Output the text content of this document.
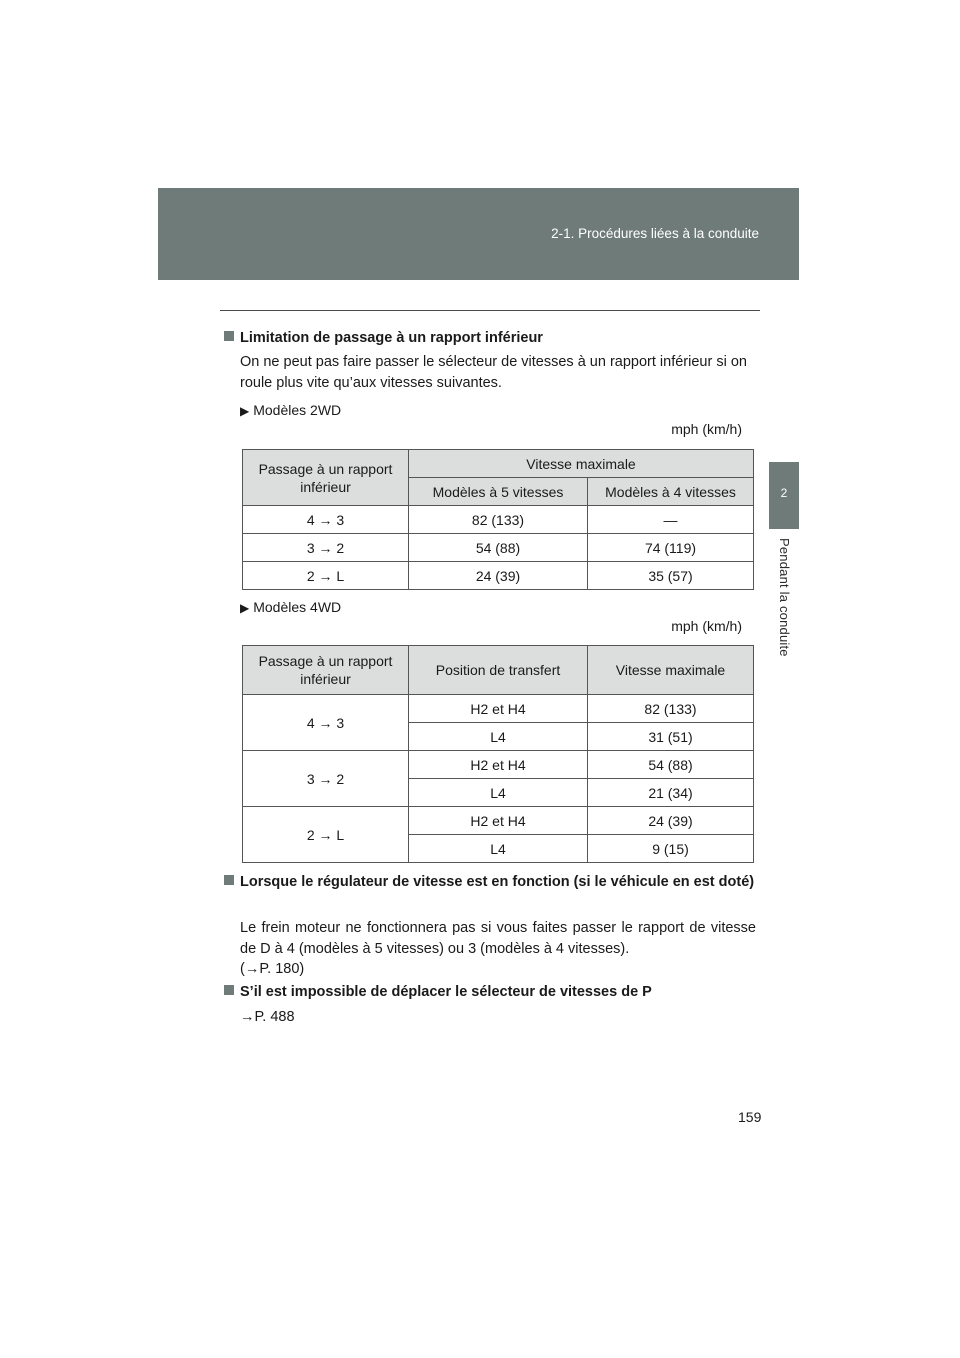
2-1. Procédures liées à la conduite
2
Pendant la conduite
Limitation de passage à un rapport inférieur
On ne peut pas faire passer le sélecteur de vitesses à un rapport inférieur si on roule plus vite qu’aux vitesses suivantes.
▶ Modèles 2WD
mph (km/h)
Passage à un rapport inférieur	Vitesse maximale	
	Modèles à 5 vitesses	Modèles à 4 vitesses
4 → 3	82 (133)	—
3 → 2	54 (88)	74 (119)
2 → L	24 (39)	35 (57)
▶ Modèles 4WD
mph (km/h)
Passage à un rapport inférieur	Position de transfert	Vitesse maximale
4 → 3	H2 et H4	82 (133)
	L4	31 (51)
3 → 2	H2 et H4	54 (88)
	L4	21 (34)
2 → L	H2 et H4	24 (39)
	L4	9 (15)
Lorsque le régulateur de vitesse est en fonction (si le véhicule en est doté)
Le frein moteur ne fonctionnera pas si vous faites passer le rapport de vitesse de D à 4 (modèles à 5 vitesses) ou 3 (modèles à 4 vitesses).
(→P. 180)
S’il est impossible de déplacer le sélecteur de vitesses de P
→P. 488
159
